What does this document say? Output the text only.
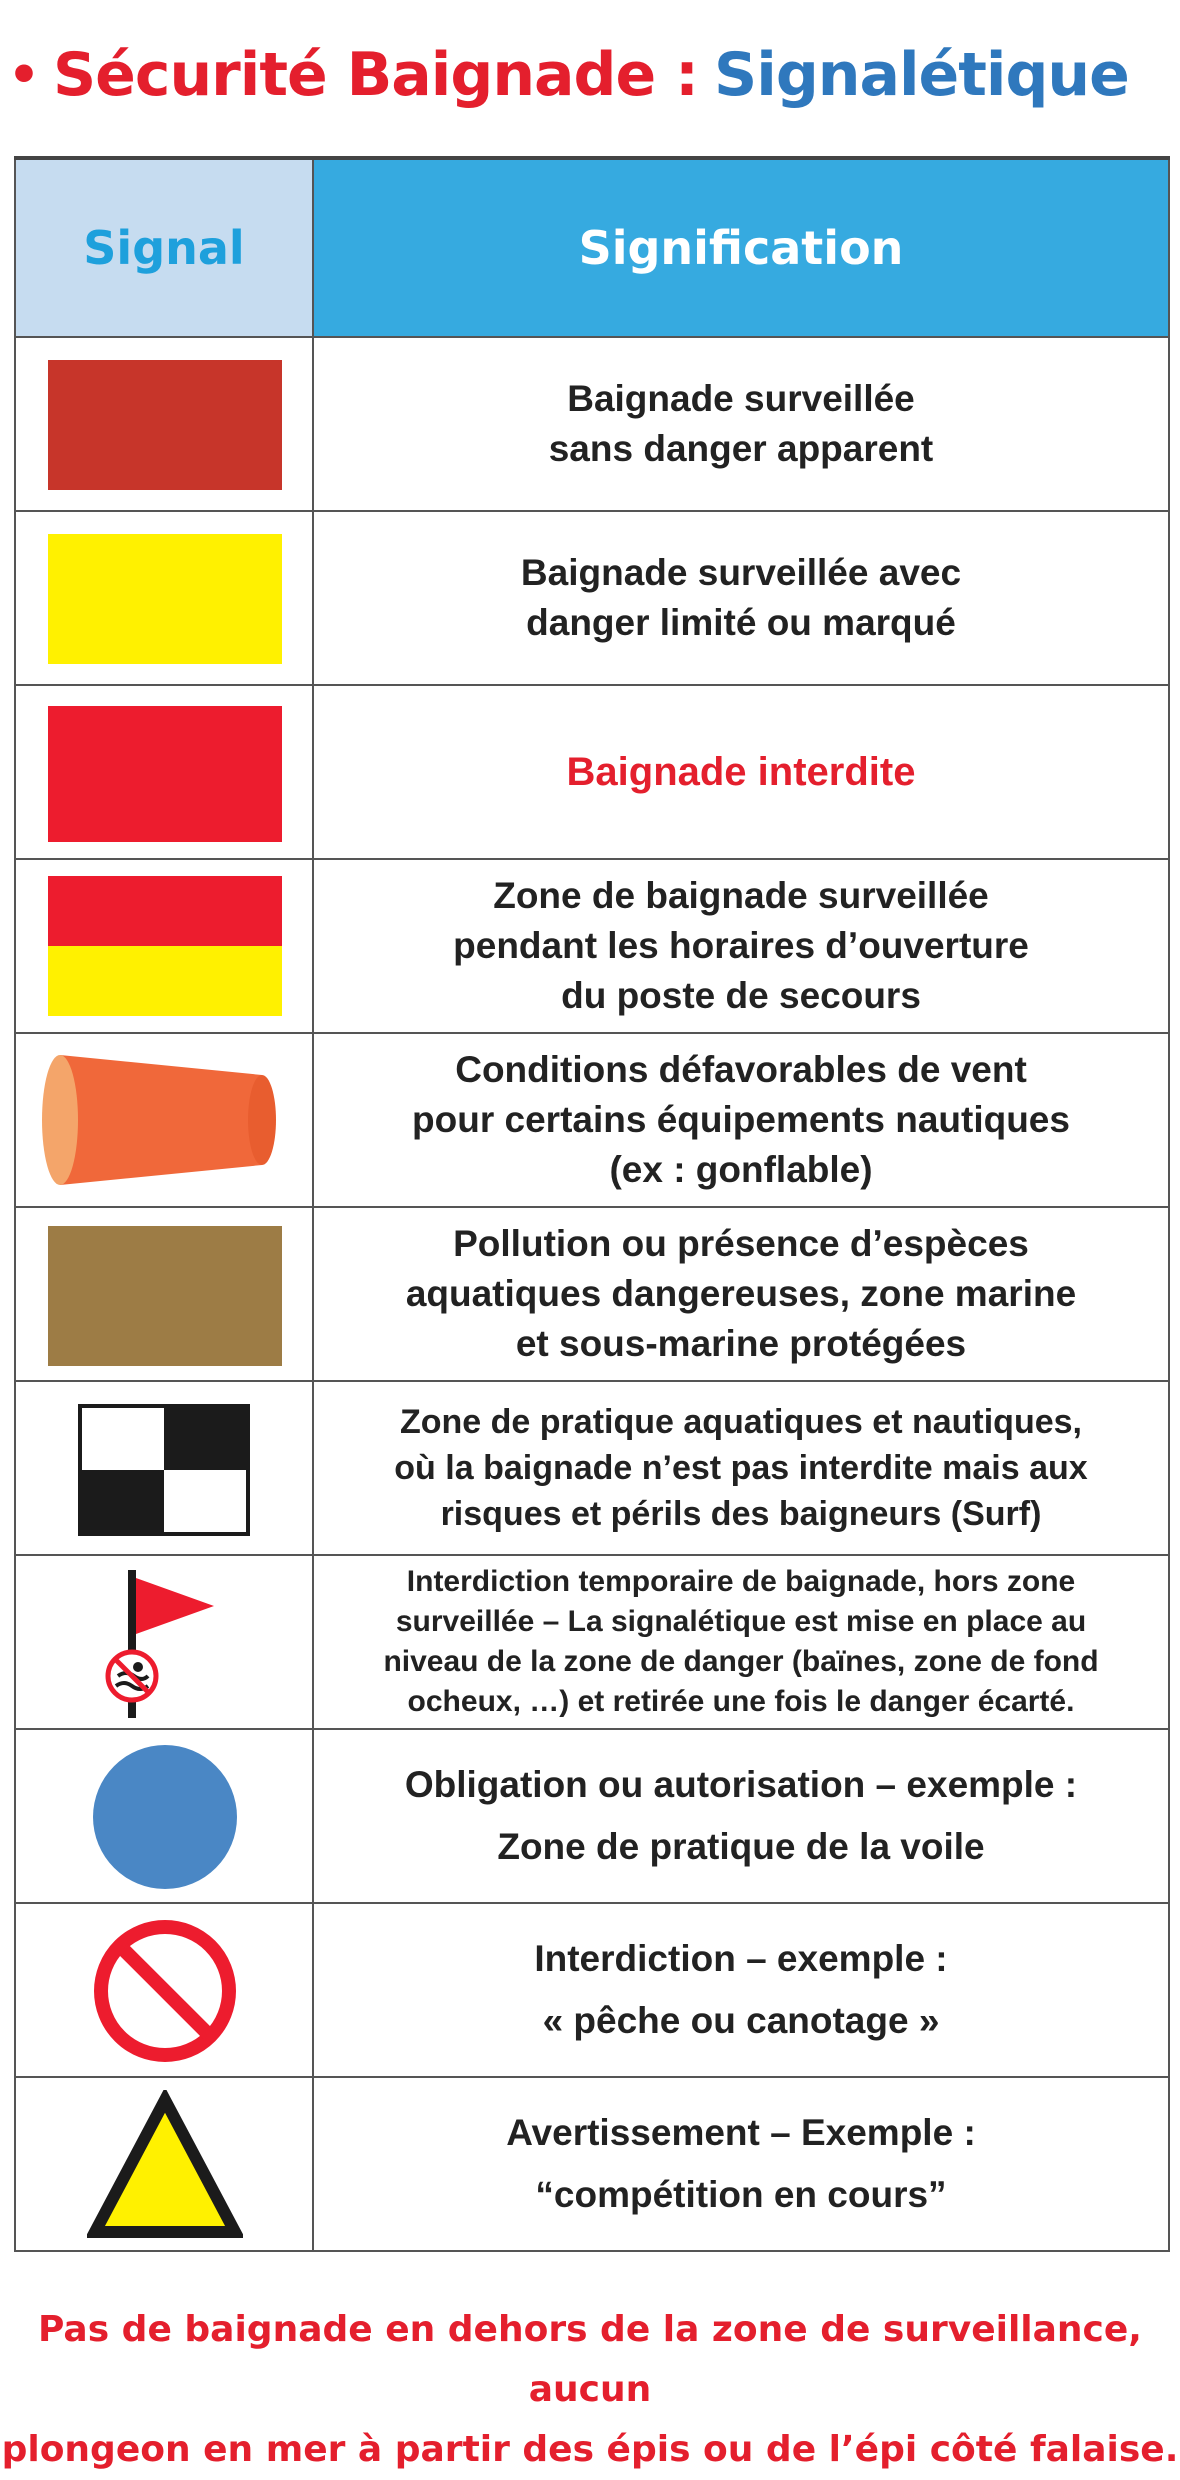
• Sécurité Baignade : Signalétique
Signal	Signification
Baignade surveillée
sans danger apparent
Baignade surveillée avec
danger limité ou marqué
Baignade interdite
Zone de baignade surveillée
pendant les horaires d’ouverture
du poste de secours
Conditions défavorables de vent
pour certains équipements nautiques
(ex : gonflable)
Pollution ou présence d’espèces
aquatiques dangereuses, zone marine
et sous-marine protégées
Zone de pratique aquatiques et nautiques,
où la baignade n’est pas interdite mais aux
risques et périls des baigneurs (Surf)
Interdiction temporaire de baignade, hors zone
surveillée – La signalétique est mise en place au
niveau de la zone de danger (baïnes, zone de fond
ocheux, …) et retirée une fois le danger écarté.
Obligation ou autorisation – exemple :
Zone de pratique de la voile
Interdiction – exemple :
« pêche ou canotage »
Avertissement – Exemple :
“compétition en cours”
Pas de baignade en dehors de la zone de surveillance, aucun
plongeon en mer à partir des épis ou de l’épi côté falaise.
